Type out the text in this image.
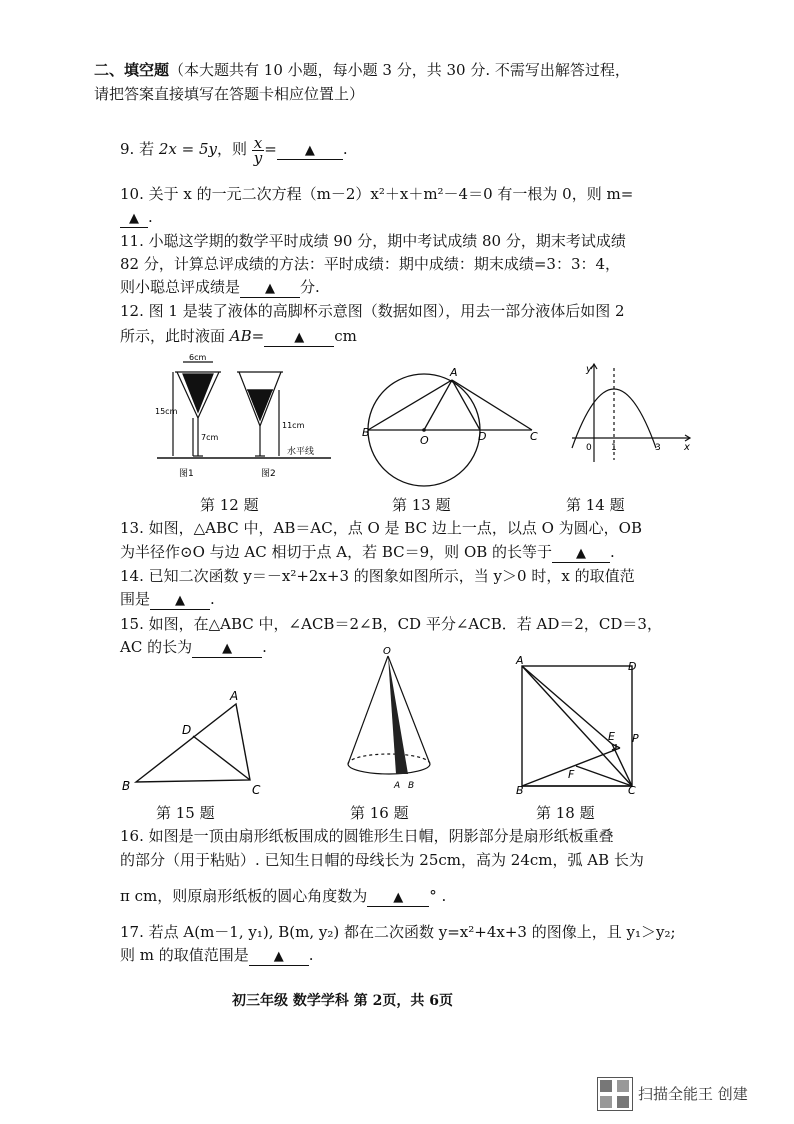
二、填空题（本大题共有 10 小题，每小题 3 分，共 30 分. 不需写出解答过程，
请把答案直接填写在答题卡相应位置上）
9. 若 2x = 5y，则 $\frac{x}{y}$ = ▲ .
10. 关于 x 的一元二次方程（m－2）x²＋x＋m²－4＝0 有一根为 0，则 m=
▲ .
11. 小聪这学期的数学平时成绩 90 分，期中考试成绩 80 分，期末考试成绩
82 分，计算总评成绩的方法：平时成绩：期中成绩：期末成绩=3：3：4，
则小聪总评成绩是 ▲ 分.
12. 图 1 是装了液体的高脚杯示意图（数据如图），用去一部分液体后如图 2
所示，此时液面 AB= ▲ cm
6cm
15cm
7cm
11cm
水平线
图1	图2
第 12 题
A
B
O	D	C
第 13 题
y
x
0 1	3
第 14 题
13. 如图，△ABC 中，AB＝AC，点 O 是 BC 边上一点，以点 O 为圆心，OB
为半径作⊙O 与边 AC 相切于点 A，若 BC＝9，则 OB 的长等于 ▲ .
14. 已知二次函数 y＝－x²+2x+3 的图象如图所示，当 y＞0 时，x 的取值范
围是 ▲ .
15. 如图，在△ABC 中，∠ACB＝2∠B，CD 平分∠ACB．若 AD＝2，CD＝3，
AC 的长为 ▲ .
A
B	C
D
第 15 题
O
A B
第 16 题
A	D
B	C
E
F
P
第 18 题
16. 如图是一顶由扇形纸板围成的圆锥形生日帽，阴影部分是扇形纸板重叠
的部分（用于粘贴）. 已知生日帽的母线长为 25cm，高为 24cm，弧 AB 长为
π cm，则原扇形纸板的圆心角度数为 ▲ ° .
17. 若点 A(m－1, y₁), B(m, y₂) 都在二次函数 y=x²+4x+3 的图像上，且 y₁＞y₂;
则 m 的取值范围是 ▲ .
初三年级 数学学科 第 2页，共 6页
扫描全能王 创建
